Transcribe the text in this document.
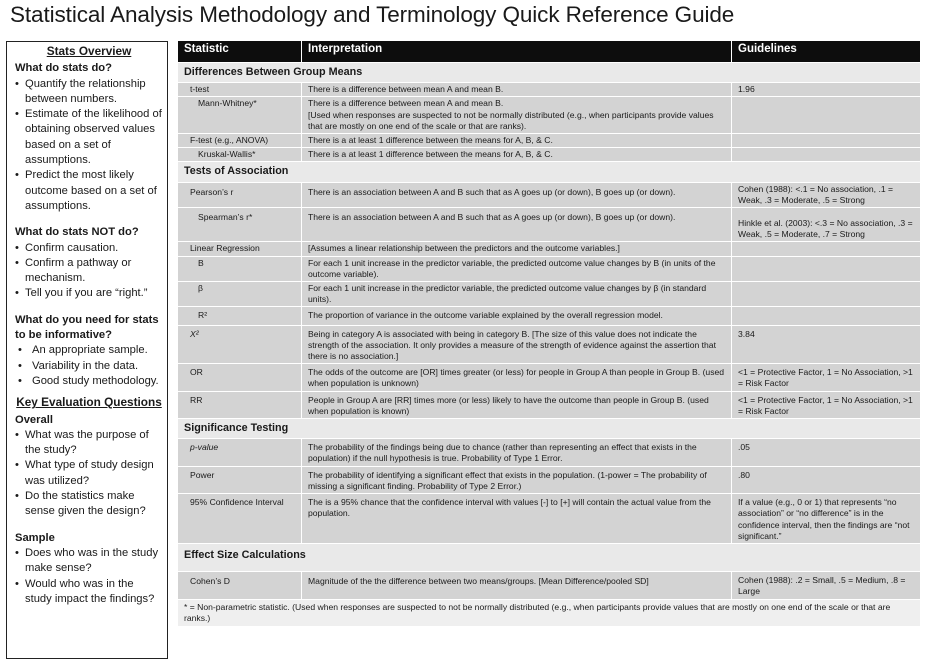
Statistical Analysis Methodology and Terminology Quick Reference Guide
Stats Overview
What do stats do?
• Quantify the relationship between numbers.
• Estimate of the likelihood of obtaining observed values based on a set of assumptions.
• Predict the most likely outcome based on a set of assumptions.
What do stats NOT do?
• Confirm causation.
• Confirm a pathway or mechanism.
• Tell you if you are “right.”
What do you need for stats to be informative?
• An appropriate sample.
• Variability in the data.
• Good study methodology.
Key Evaluation Questions
Overall
• What was the purpose of the study?
• What type of study design was utilized?
• Do the statistics make sense given the design?
Sample
• Does who was in the study make sense?
• Would who was in the study impact the findings?
Statistic	Interpretation	Guidelines
Differences Between Group Means		
t-test	There is a difference between mean A and mean B.	1.96
Mann-Whitney*	There is a difference between mean A and mean B.
[Used when responses are suspected to not be normally distributed (e.g., when participants provide values that are mostly on one end of the scale or that are ranks).	

F-test (e.g., ANOVA)	There is a at least 1 difference between the means for A, B, & C.	
Kruskal-Wallis*	There is a at least 1 difference between the means for A, B, & C.	
Tests of Association		
Pearson’s r	There is an association between A and B such that as A goes up (or down), B goes up (or down).	Cohen (1988): <.1 = No association, .1 = Weak, .3 = Moderate, .5 = Strong
Spearman’s r*	There is an association between A and B such that as A goes up (or down), B goes up (or down).	Hinkle et al. (2003): <.3 = No association, .3 = Weak, .5 = Moderate, .7 = Strong
Linear Regression	[Assumes a linear relationship between the predictors and the outcome variables.]	
B	For each 1 unit increase in the predictor variable, the predicted outcome value changes by B (in units of the outcome variable).	
β	For each 1 unit increase in the predictor variable, the predicted outcome value changes by β (in standard units).	
R²	The proportion of variance in the outcome variable explained by the overall regression model.	
X²	Being in category A is associated with being in category B. [The size of this value does not indicate the strength of the association. It only provides a measure of the strength of evidence against the assertion that there is no association.]	3.84
OR	The odds of the outcome are [OR] times greater (or less) for people in Group A than people in Group B. (used when population is unknown)	<1 = Protective Factor, 1 = No Association, >1 = Risk Factor
RR	People in Group A are [RR] times more (or less) likely to have the outcome than people in Group B. (used when population is known)	<1 = Protective Factor, 1 = No Association, >1 = Risk Factor
Significance Testing		
p-value	The probability of the findings being due to chance (rather than representing an effect that exists in the population) if the null hypothesis is true. Probability of Type 1 Error.	.05
Power	The probability of identifying a significant effect that exists in the population. (1-power = The probability of missing a significant finding. Probability of Type 2 Error.)	.80
95% Confidence Interval	The is a 95% chance that the confidence interval with values [-] to [+] will contain the actual value from the population.	If a value (e.g., 0 or 1) that represents “no association” or “no difference” is in the confidence interval, then the findings are “not significant.”
Effect Size Calculations		
Cohen’s D	Magnitude of the the difference between two means/groups. [Mean Difference/pooled SD]	Cohen (1988): .2 = Small, .5 = Medium, .8 = Large
* = Non-parametric statistic. (Used when responses are suspected to not be normally distributed (e.g., when participants provide values that are mostly on one end of the scale or that are ranks.)		
